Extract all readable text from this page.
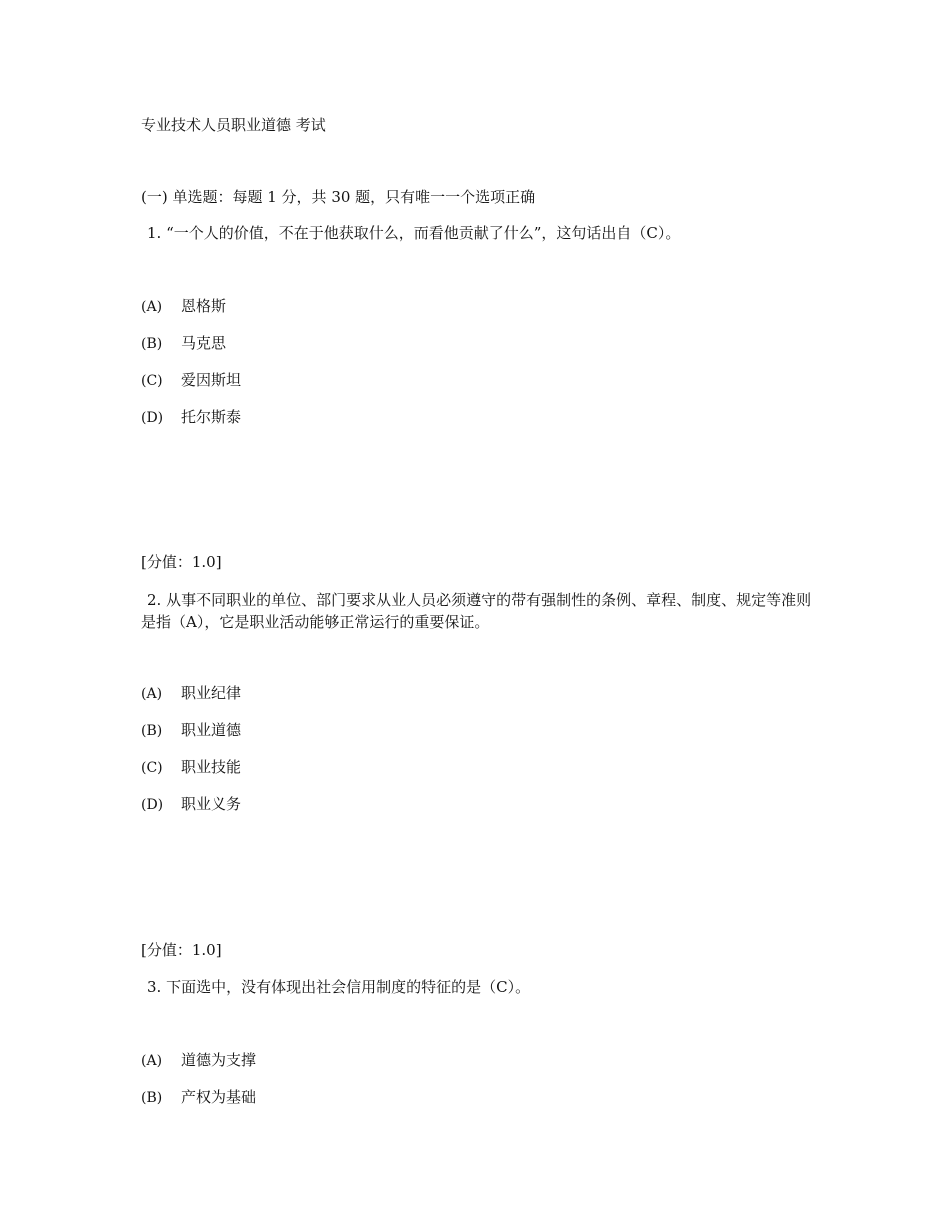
专业技术人员职业道德 考试
(一) 单选题：每题 1 分，共 30 题，只有唯一一个选项正确
1. “一个人的价值，不在于他获取什么，而看他贡献了什么”，这句话出自（C）。
(A) 恩格斯
(B) 马克思
(C) 爱因斯坦
(D) 托尔斯泰
[分值：1.0]
2. 从事不同职业的单位、部门要求从业人员必须遵守的带有强制性的条例、章程、制度、规定等准则是指（A），它是职业活动能够正常运行的重要保证。
(A) 职业纪律
(B) 职业道德
(C) 职业技能
(D) 职业义务
[分值：1.0]
3. 下面选中，没有体现出社会信用制度的特征的是（C）。
(A) 道德为支撑
(B) 产权为基础
